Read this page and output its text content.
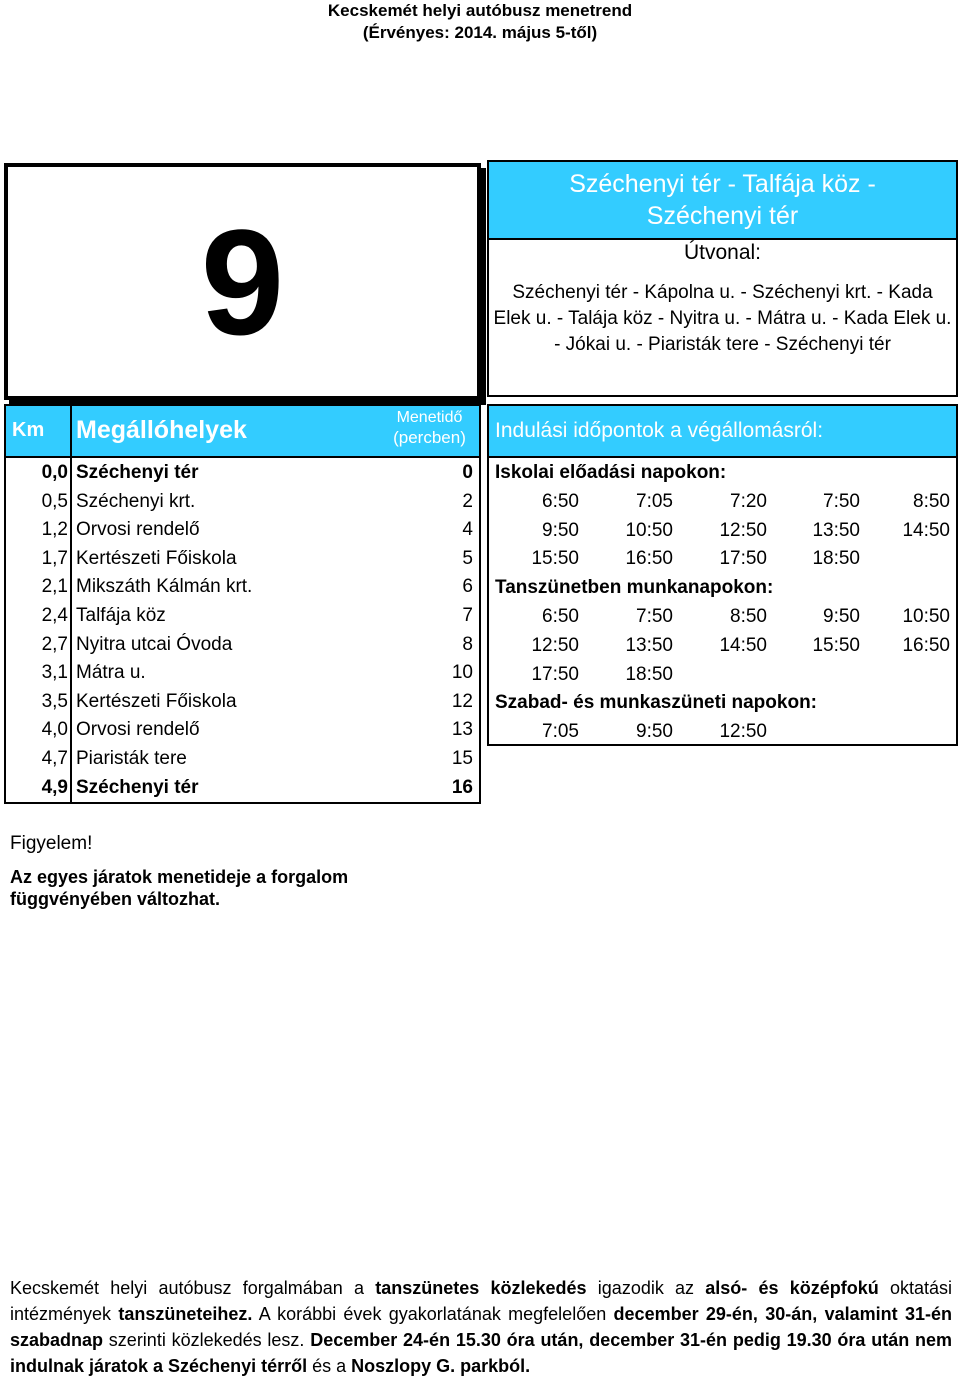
Kecskemét helyi autóbusz menetrend
(Érvényes: 2014. május 5-től)
9
Széchenyi tér - Talfája köz -
Széchenyi tér
Útvonal:
Széchenyi tér - Kápolna u. - Széchenyi krt. - Kada Elek u. - Talája köz - Nyitra u. - Mátra u. - Kada Elek u. - Jókai u. - Piaristák tere - Széchenyi tér
Km Megállóhelyek	Menetidő
(percben)
0,0 Széchenyi tér	0
0,5 Széchenyi krt.	2
1,2 Orvosi rendelő	4
1,7 Kertészeti Főiskola	5
2,1 Mikszáth Kálmán krt.	6
2,4 Talfája köz	7
2,7 Nyitra utcai Óvoda	8
3,1 Mátra u.	10
3,5 Kertészeti Főiskola	12
4,0 Orvosi rendelő	13
4,7 Piaristák tere	15
4,9 Széchenyi tér	16
Indulási időpontok a végállomásról:
Iskolai előadási napokon:
6:50	7:05	7:20	7:50	8:50
9:50	10:50	12:50	13:50	14:50
15:50	16:50	17:50	18:50
Tanszünetben munkanapokon:
6:50	7:50	8:50	9:50	10:50
12:50	13:50	14:50	15:50	16:50
17:50	18:50
Szabad- és munkaszüneti napokon:
7:05	9:50	12:50
Figyelem!
Az egyes járatok menetideje a forgalom függvényében változhat.
Kecskemét helyi autóbusz forgalmában a tanszünetes közlekedés igazodik az alsó- és középfokú oktatási intézmények tanszüneteihez. A korábbi évek gyakorlatának megfelelően december 29-én, 30-án, valamint 31-én szabadnap szerinti közlekedés lesz. December 24-én 15.30 óra után, december 31-én pedig 19.30 óra után nem indulnak járatok a Széchenyi térről és a Noszlopy G. parkból.
